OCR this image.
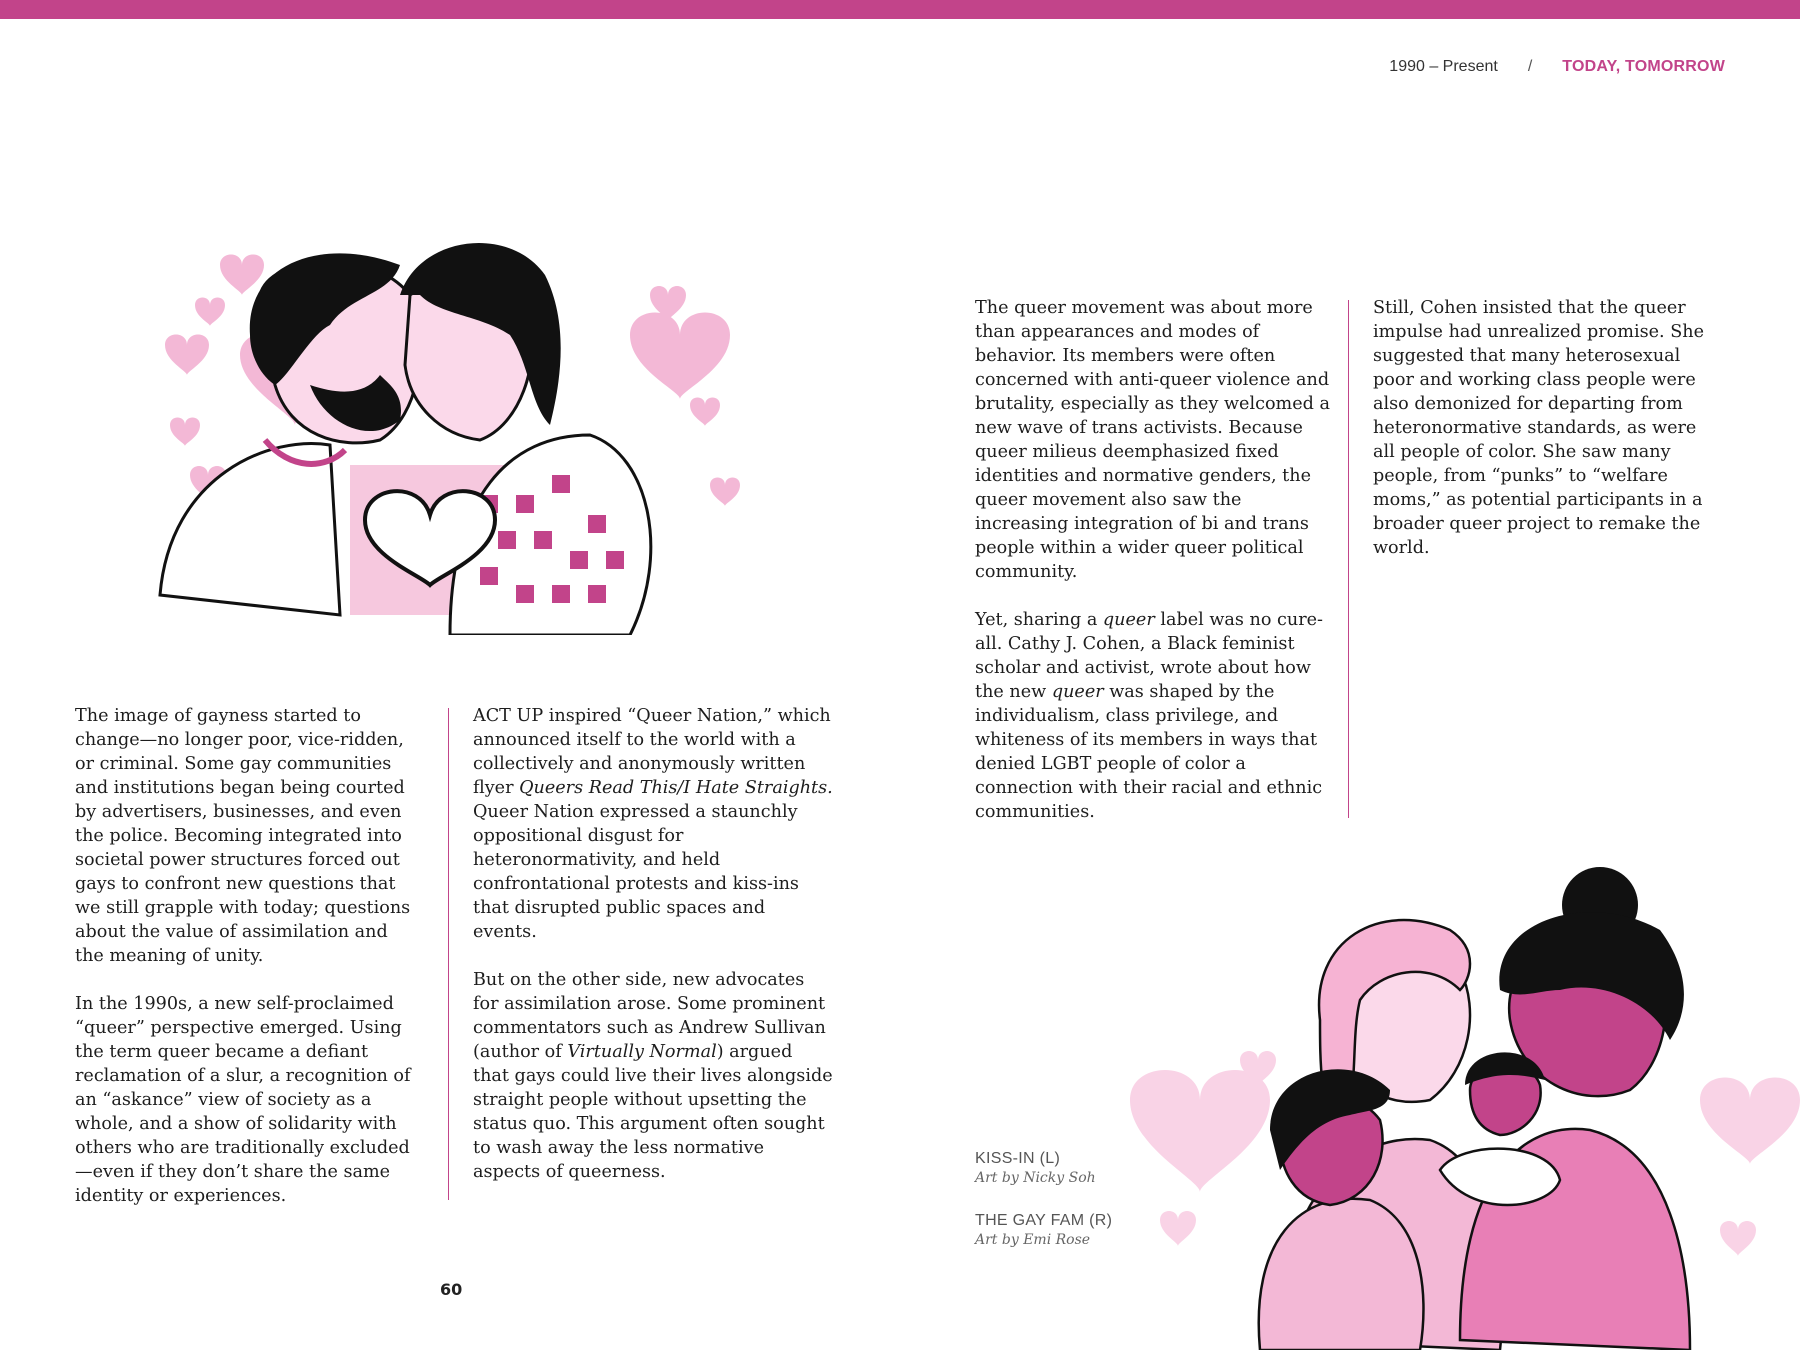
1990 – Present / TODAY, TOMORROW

The image of gayness started to change—no longer poor, vice-ridden, or criminal. Some gay communities and institutions began being courted by advertisers, businesses, and even the police. Becoming integrated into societal power structures forced out gays to confront new questions that we still grapple with today; questions about the value of assimilation and the meaning of unity.

In the 1990s, a new self-proclaimed “queer” perspective emerged. Using the term queer became a defiant reclamation of a slur, a recognition of an “askance” view of society as a whole, and a show of solidarity with others who are traditionally excluded—even if they don’t share the same identity or experiences.

ACT UP inspired “Queer Nation,” which announced itself to the world with a collectively and anonymously written flyer Queers Read This/I Hate Straights. Queer Nation expressed a staunchly oppositional disgust for heteronormativity, and held confrontational protests and kiss-ins that disrupted public spaces and events.

But on the other side, new advocates for assimilation arose. Some prominent commentators such as Andrew Sullivan (author of Virtually Normal) argued that gays could live their lives alongside straight people without upsetting the status quo. This argument often sought to wash away the less normative aspects of queerness.

The queer movement was about more than appearances and modes of behavior. Its members were often concerned with anti-queer violence and brutality, especially as they welcomed a new wave of trans activists. Because queer milieus deemphasized fixed identities and normative genders, the queer movement also saw the increasing integration of bi and trans people within a wider queer political community.

Yet, sharing a queer label was no cure-all. Cathy J. Cohen, a Black feminist scholar and activist, wrote about how the new queer was shaped by the individualism, class privilege, and whiteness of its members in ways that denied LGBT people of color a connection with their racial and ethnic communities.

Still, Cohen insisted that the queer impulse had unrealized promise. She suggested that many heterosexual poor and working class people were also demonized for departing from heteronormative standards, as were all people of color. She saw many people, from “punks” to “welfare moms,” as potential participants in a broader queer project to remake the world.

KISS-IN (L)
Art by Nicky Soh
THE GAY FAM (R)
Art by Emi Rose
60
